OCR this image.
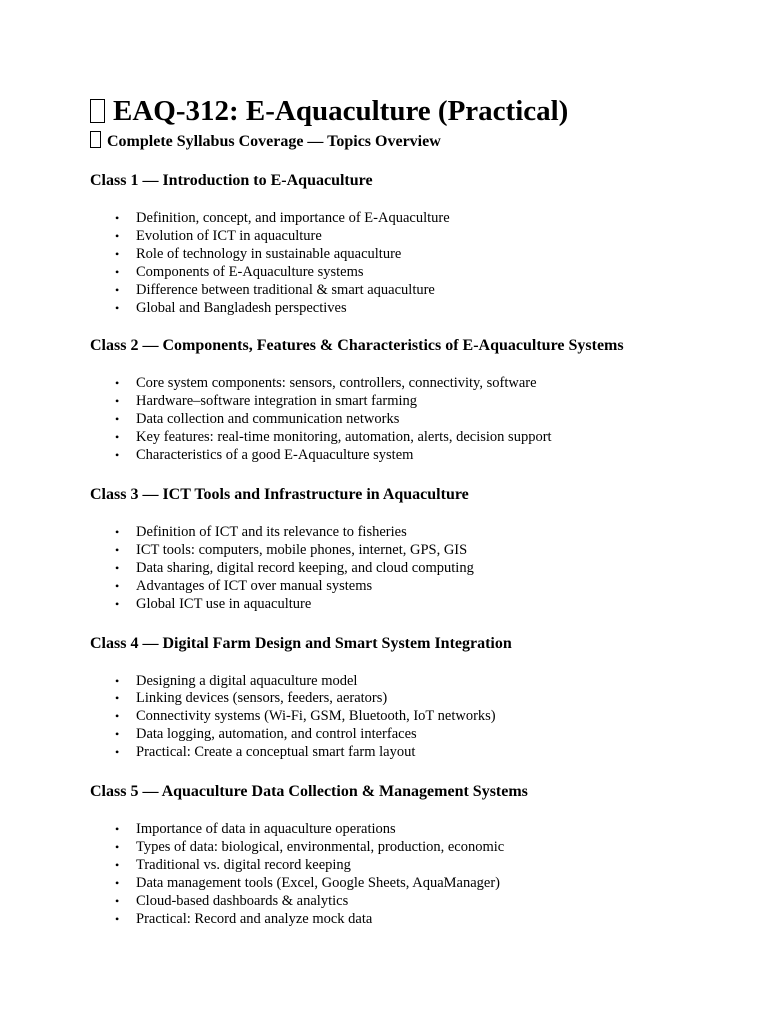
EAQ-312: E-Aquaculture (Practical)
Complete Syllabus Coverage — Topics Overview
Class 1 — Introduction to E-Aquaculture
• Definition, concept, and importance of E-Aquaculture
• Evolution of ICT in aquaculture
• Role of technology in sustainable aquaculture
• Components of E-Aquaculture systems
• Difference between traditional & smart aquaculture
• Global and Bangladesh perspectives
Class 2 — Components, Features & Characteristics of E-Aquaculture Systems
• Core system components: sensors, controllers, connectivity, software
• Hardware–software integration in smart farming
• Data collection and communication networks
• Key features: real-time monitoring, automation, alerts, decision support
• Characteristics of a good E-Aquaculture system
Class 3 — ICT Tools and Infrastructure in Aquaculture
• Definition of ICT and its relevance to fisheries
• ICT tools: computers, mobile phones, internet, GPS, GIS
• Data sharing, digital record keeping, and cloud computing
• Advantages of ICT over manual systems
• Global ICT use in aquaculture
Class 4 — Digital Farm Design and Smart System Integration
• Designing a digital aquaculture model
• Linking devices (sensors, feeders, aerators)
• Connectivity systems (Wi-Fi, GSM, Bluetooth, IoT networks)
• Data logging, automation, and control interfaces
• Practical: Create a conceptual smart farm layout
Class 5 — Aquaculture Data Collection & Management Systems
• Importance of data in aquaculture operations
• Types of data: biological, environmental, production, economic
• Traditional vs. digital record keeping
• Data management tools (Excel, Google Sheets, AquaManager)
• Cloud-based dashboards & analytics
• Practical: Record and analyze mock data
